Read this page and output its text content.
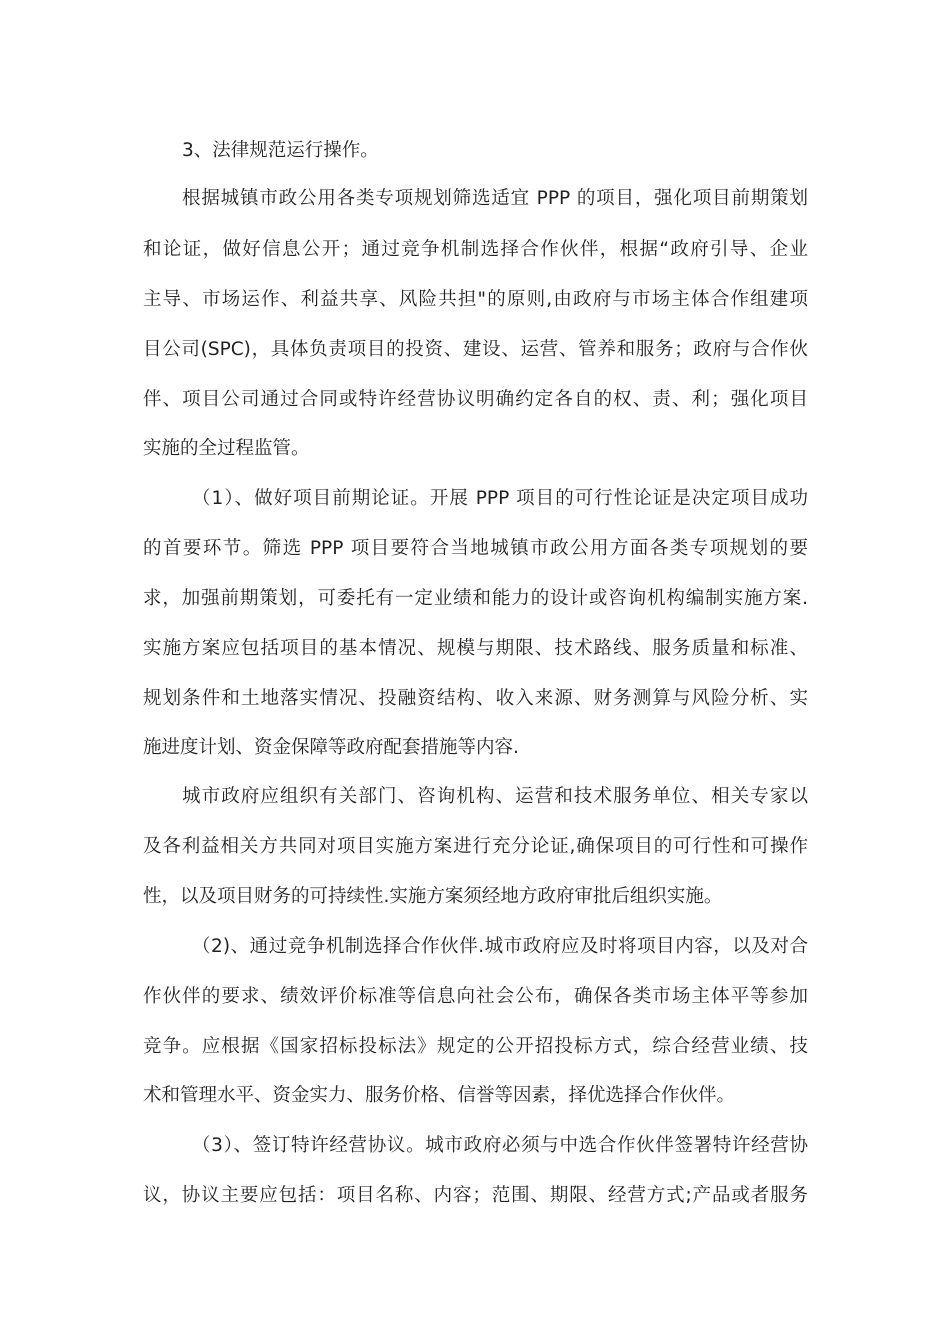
3、法律规范运行操作。
根据城镇市政公用各类专项规划筛选适宜 PPP 的项目，强化项目前期策划
和论证，做好信息公开；通过竞争机制选择合作伙伴，根据“政府引导、企业
主导、市场运作、利益共享、风险共担"的原则,由政府与市场主体合作组建项
目公司(SPC)，具体负责项目的投资、建设、运营、管养和服务；政府与合作伙
伴、项目公司通过合同或特许经营协议明确约定各自的权、责、利；强化项目
实施的全过程监管。
（1）、做好项目前期论证。开展 PPP 项目的可行性论证是决定项目成功
的首要环节。筛选 PPP 项目要符合当地城镇市政公用方面各类专项规划的要
求，加强前期策划，可委托有一定业绩和能力的设计或咨询机构编制实施方案.
实施方案应包括项目的基本情况、规模与期限、技术路线、服务质量和标准、
规划条件和土地落实情况、投融资结构、收入来源、财务测算与风险分析、实
施进度计划、资金保障等政府配套措施等内容.
城市政府应组织有关部门、咨询机构、运营和技术服务单位、相关专家以
及各利益相关方共同对项目实施方案进行充分论证,确保项目的可行性和可操作
性，以及项目财务的可持续性.实施方案须经地方政府审批后组织实施。
（2)、通过竞争机制选择合作伙伴.城市政府应及时将项目内容，以及对合
作伙伴的要求、绩效评价标准等信息向社会公布，确保各类市场主体平等参加
竞争。应根据《国家招标投标法》规定的公开招投标方式，综合经营业绩、技
术和管理水平、资金实力、服务价格、信誉等因素，择优选择合作伙伴。
（3）、签订特许经营协议。城市政府必须与中选合作伙伴签署特许经营协
议，协议主要应包括：项目名称、内容；范围、期限、经营方式;产品或者服务
